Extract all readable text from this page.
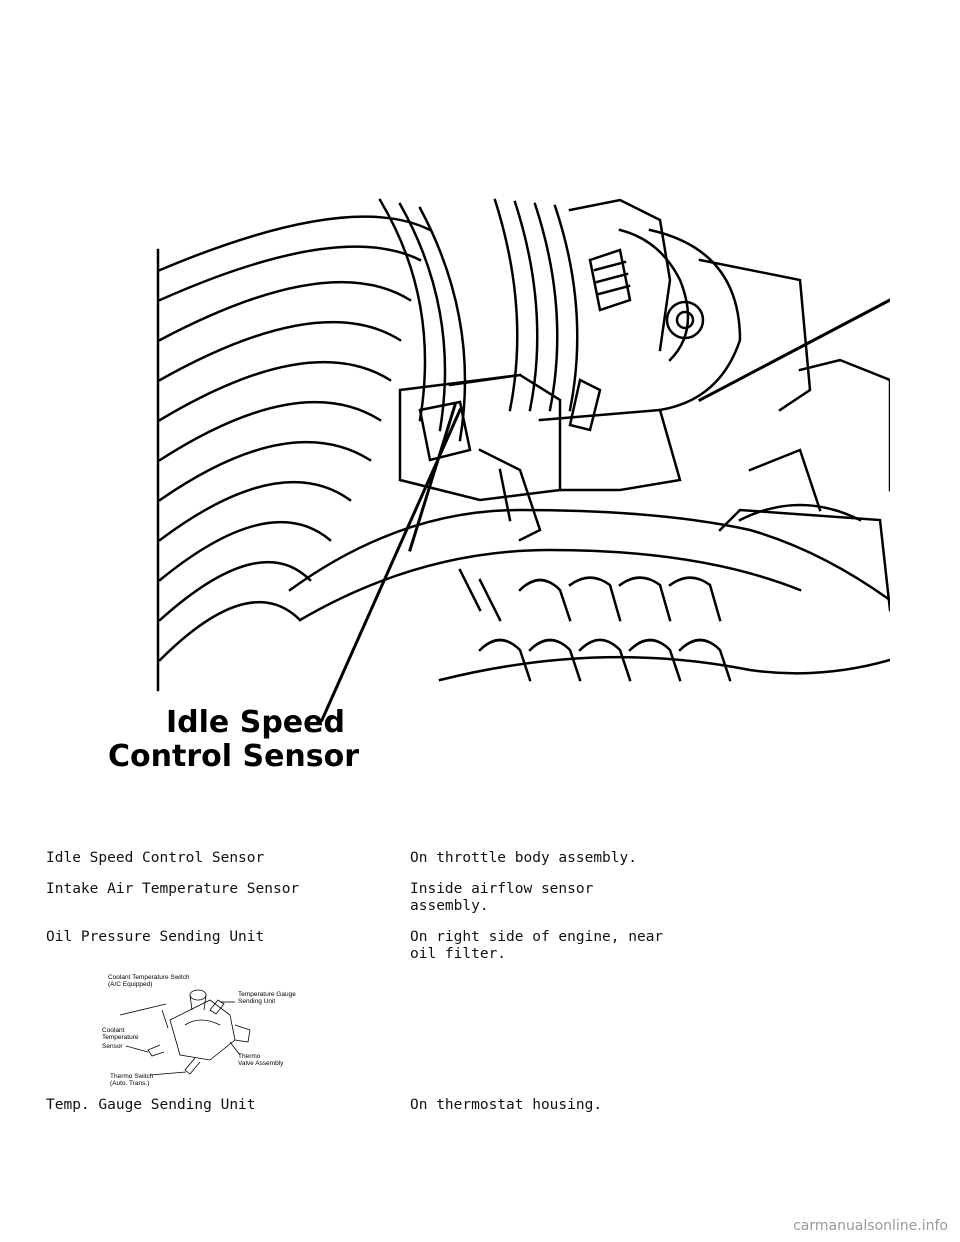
Idle Speed
Control Sensor
Idle Speed Control Sensor	On throttle body assembly.
Intake Air Temperature Sensor	Inside airflow sensor
assembly.
Oil Pressure Sending Unit	On right side of engine, near
oil filter.
Coolant Temperature Switch
(A/C Equipped)
Temperature Gauge
Sending Unit
Coolant
Temperature
Sensor
Thermo
Valve Assembly
Thermo Switch
(Auto. Trans.)
Temp. Gauge Sending Unit	On thermostat housing.
carmanualsonline.info
